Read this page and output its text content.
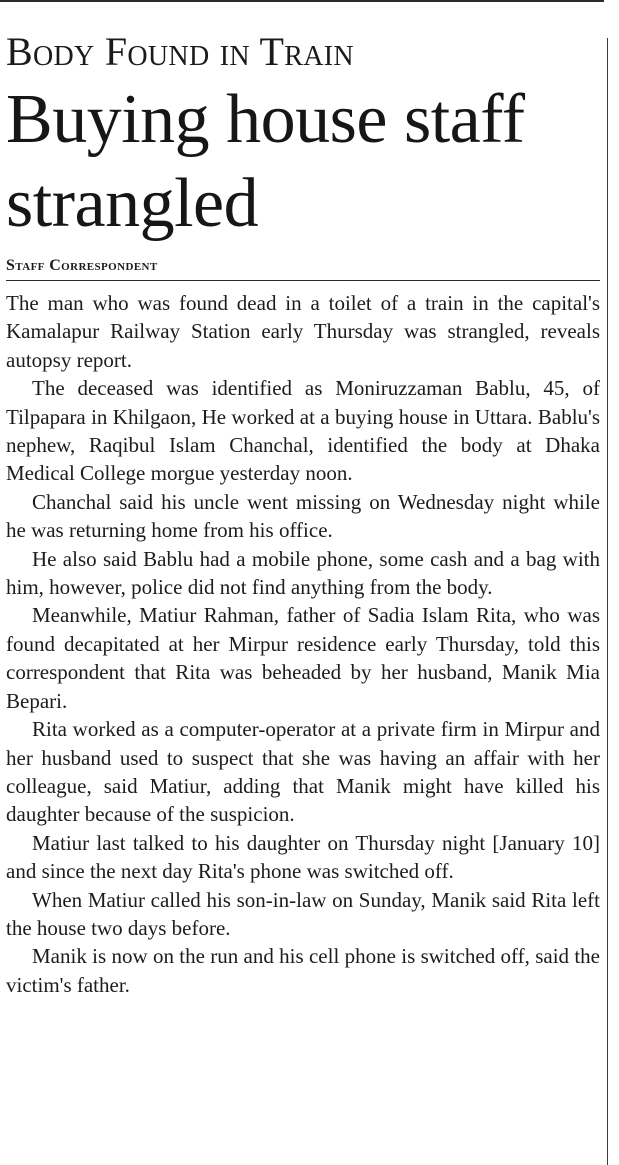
Body Found in Train
Buying house staff strangled
Staff Correspondent

The man who was found dead in a toilet of a train in the capital's Kamalapur Railway Station early Thursday was strangled, reveals autopsy report.

The deceased was identified as Moniruzzaman Bablu, 45, of Tilpapara in Khilgaon, He worked at a buying house in Uttara. Bablu's nephew, Raqibul Islam Chanchal, identified the body at Dhaka Medical College morgue yesterday noon.

Chanchal said his uncle went missing on Wednesday night while he was returning home from his office.

He also said Bablu had a mobile phone, some cash and a bag with him, however, police did not find anything from the body.

Meanwhile, Matiur Rahman, father of Sadia Islam Rita, who was found decapitated at her Mirpur residence early Thursday, told this correspondent that Rita was beheaded by her husband, Manik Mia Bepari.

Rita worked as a computer-operator at a private firm in Mirpur and her husband used to suspect that she was having an affair with her colleague, said Matiur, adding that Manik might have killed his daughter because of the suspicion.

Matiur last talked to his daughter on Thursday night [January 10] and since the next day Rita's phone was switched off.

When Matiur called his son-in-law on Sunday, Manik said Rita left the house two days before.

Manik is now on the run and his cell phone is switched off, said the victim's father.
